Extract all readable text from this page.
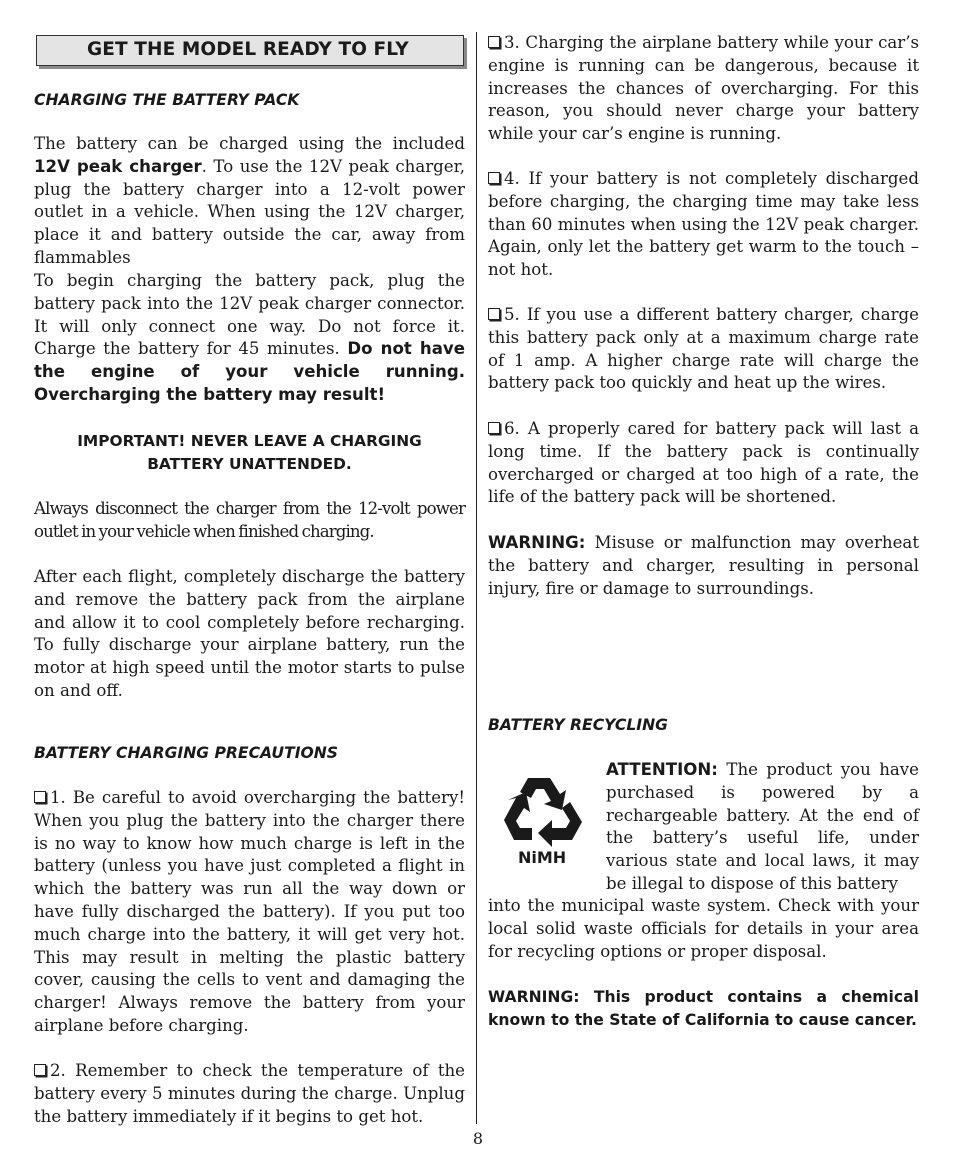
GET THE MODEL READY TO FLY
CHARGING THE BATTERY PACK

The battery can be charged using the included 12V peak charger. To use the 12V peak charger, plug the battery charger into a 12-volt power outlet in a vehicle. When using the 12V charger, place it and battery outside the car, away from flammables

To begin charging the battery pack, plug the battery pack into the 12V peak charger connector. It will only connect one way. Do not force it. Charge the battery for 45 minutes. Do not have the engine of your vehicle running. Overcharging the battery may result!

IMPORTANT! NEVER LEAVE A CHARGING
BATTERY UNATTENDED.

Always disconnect the charger from the 12-volt power outlet in your vehicle when finished charging.

After each flight, completely discharge the battery and remove the battery pack from the airplane and allow it to cool completely before recharging. To fully discharge your airplane battery, run the motor at high speed until the motor starts to pulse on and off.

BATTERY CHARGING PRECAUTIONS

1. Be careful to avoid overcharging the battery! When you plug the battery into the charger there is no way to know how much charge is left in the battery (unless you have just completed a flight in which the battery was run all the way down or have fully discharged the battery). If you put too much charge into the battery, it will get very hot. This may result in melting the plastic battery cover, causing the cells to vent and damaging the charger! Always remove the battery from your airplane before charging.

2. Remember to check the temperature of the battery every 5 minutes during the charge. Unplug the battery immediately if it begins to get hot.

3. Charging the airplane battery while your car’s engine is running can be dangerous, because it increases the chances of overcharging. For this reason, you should never charge your battery while your car’s engine is running.

4. If your battery is not completely discharged before charging, the charging time may take less than 60 minutes when using the 12V peak charger. Again, only let the battery get warm to the touch – not hot.

5. If you use a different battery charger, charge this battery pack only at a maximum charge rate of 1 amp. A higher charge rate will charge the battery pack too quickly and heat up the wires.

6. A properly cared for battery pack will last a long time. If the battery pack is continually overcharged or charged at too high of a rate, the life of the battery pack will be shortened.

WARNING: Misuse or malfunction may overheat the battery and charger, resulting in personal injury, fire or damage to surroundings.

BATTERY RECYCLING

ATTENTION: The product you have purchased is powered by a rechargeable battery. At the end of the battery’s useful life, under various state and local laws, it may be illegal to dispose of this battery

into the municipal waste system. Check with your local solid waste officials for details in your area for recycling options or proper disposal.

WARNING: This product contains a chemical known to the State of California to cause cancer.

NiMH
8
